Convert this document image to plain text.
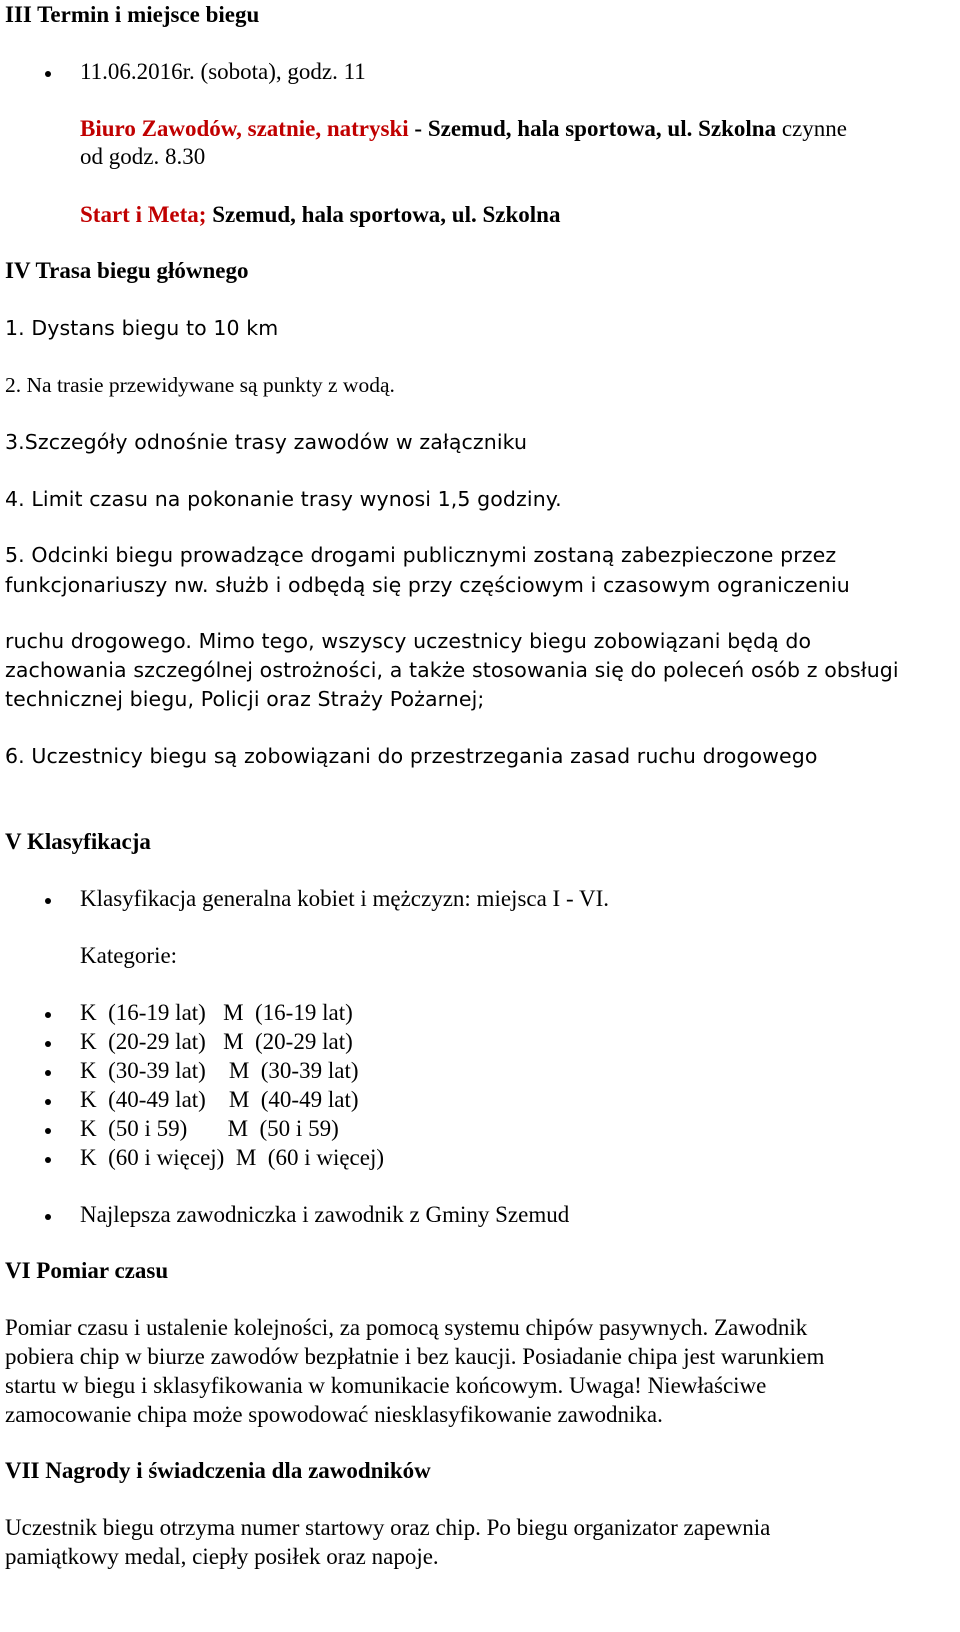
III Termin i miejsce biegu
11.06.2016r. (sobota), godz. 11
Biuro Zawodów, szatnie, natryski - Szemud, hala sportowa, ul. Szkolna czynne
od godz. 8.30
Start i Meta; Szemud, hala sportowa, ul. Szkolna
IV Trasa biegu głównego
1. Dystans biegu to 10 km
2. Na trasie przewidywane są punkty z wodą.
3.Szczegóły odnośnie trasy zawodów w załączniku
4. Limit czasu na pokonanie trasy wynosi 1,5 godziny.
5. Odcinki biegu prowadzące drogami publicznymi zostaną zabezpieczone przez
funkcjonariuszy nw. służb i odbędą się przy częściowym i czasowym ograniczeniu
ruchu drogowego. Mimo tego, wszyscy uczestnicy biegu zobowiązani będą do
zachowania szczególnej ostrożności, a także stosowania się do poleceń osób z obsługi
technicznej biegu, Policji oraz Straży Pożarnej;
6. Uczestnicy biegu są zobowiązani do przestrzegania zasad ruchu drogowego
V Klasyfikacja
Klasyfikacja generalna kobiet i mężczyzn: miejsca I - VI.
Kategorie:
K  (16-19 lat)   M  (16-19 lat)
K  (20-29 lat)   M  (20-29 lat)
K  (30-39 lat)    M  (30-39 lat)
K  (40-49 lat)    M  (40-49 lat)
K  (50 i 59)       M  (50 i 59)
K  (60 i więcej)  M  (60 i więcej)
Najlepsza zawodniczka i zawodnik z Gminy Szemud
VI Pomiar czasu
Pomiar czasu i ustalenie kolejności, za pomocą systemu chipów pasywnych. Zawodnik
pobiera chip w biurze zawodów bezpłatnie i bez kaucji. Posiadanie chipa jest warunkiem
startu w biegu i sklasyfikowania w komunikacie końcowym. Uwaga! Niewłaściwe
zamocowanie chipa może spowodować niesklasyfikowanie zawodnika.
VII Nagrody i świadczenia dla zawodników
Uczestnik biegu otrzyma numer startowy oraz chip. Po biegu organizator zapewnia
pamiątkowy medal, ciepły posiłek oraz napoje.
